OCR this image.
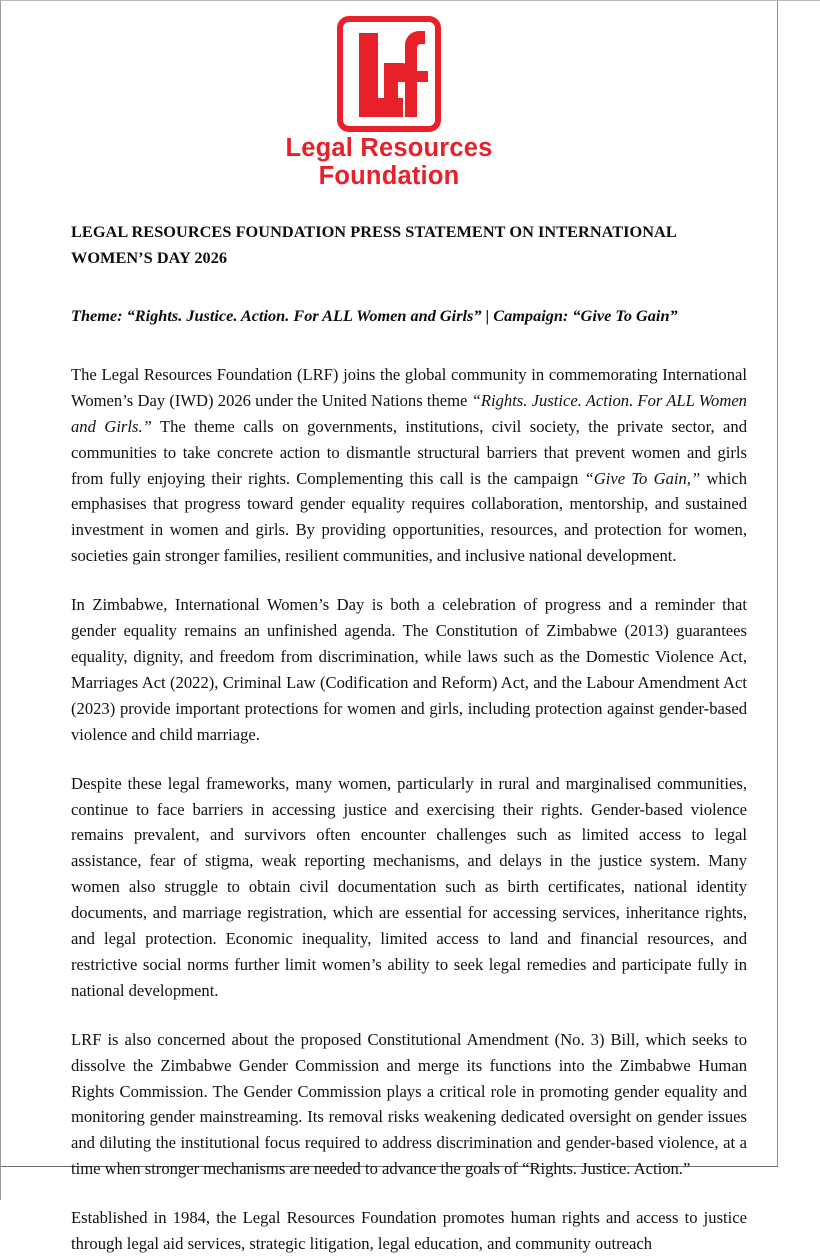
Legal Resources
Foundation
LEGAL RESOURCES FOUNDATION PRESS STATEMENT ON INTERNATIONAL WOMEN’S DAY 2026

Theme: “Rights. Justice. Action. For ALL Women and Girls” | Campaign: “Give To Gain”

The Legal Resources Foundation (LRF) joins the global community in commemorating International Women’s Day (IWD) 2026 under the United Nations theme “Rights. Justice. Action. For ALL Women and Girls.” The theme calls on governments, institutions, civil society, the private sector, and communities to take concrete action to dismantle structural barriers that prevent women and girls from fully enjoying their rights. Complementing this call is the campaign “Give To Gain,” which emphasises that progress toward gender equality requires collaboration, mentorship, and sustained investment in women and girls. By providing opportunities, resources, and protection for women, societies gain stronger families, resilient communities, and inclusive national development.

In Zimbabwe, International Women’s Day is both a celebration of progress and a reminder that gender equality remains an unfinished agenda. The Constitution of Zimbabwe (2013) guarantees equality, dignity, and freedom from discrimination, while laws such as the Domestic Violence Act, Marriages Act (2022), Criminal Law (Codification and Reform) Act, and the Labour Amendment Act (2023) provide important protections for women and girls, including protection against gender-based violence and child marriage.

Despite these legal frameworks, many women, particularly in rural and marginalised communities, continue to face barriers in accessing justice and exercising their rights. Gender-based violence remains prevalent, and survivors often encounter challenges such as limited access to legal assistance, fear of stigma, weak reporting mechanisms, and delays in the justice system. Many women also struggle to obtain civil documentation such as birth certificates, national identity documents, and marriage registration, which are essential for accessing services, inheritance rights, and legal protection. Economic inequality, limited access to land and financial resources, and restrictive social norms further limit women’s ability to seek legal remedies and participate fully in national development.

LRF is also concerned about the proposed Constitutional Amendment (No. 3) Bill, which seeks to dissolve the Zimbabwe Gender Commission and merge its functions into the Zimbabwe Human Rights Commission. The Gender Commission plays a critical role in promoting gender equality and monitoring gender mainstreaming. Its removal risks weakening dedicated oversight on gender issues and diluting the institutional focus required to address discrimination and gender-based violence, at a time when stronger mechanisms are needed to advance the goals of “Rights. Justice. Action.”

Established in 1984, the Legal Resources Foundation promotes human rights and access to justice through legal aid services, strategic litigation, legal education, and community outreach
